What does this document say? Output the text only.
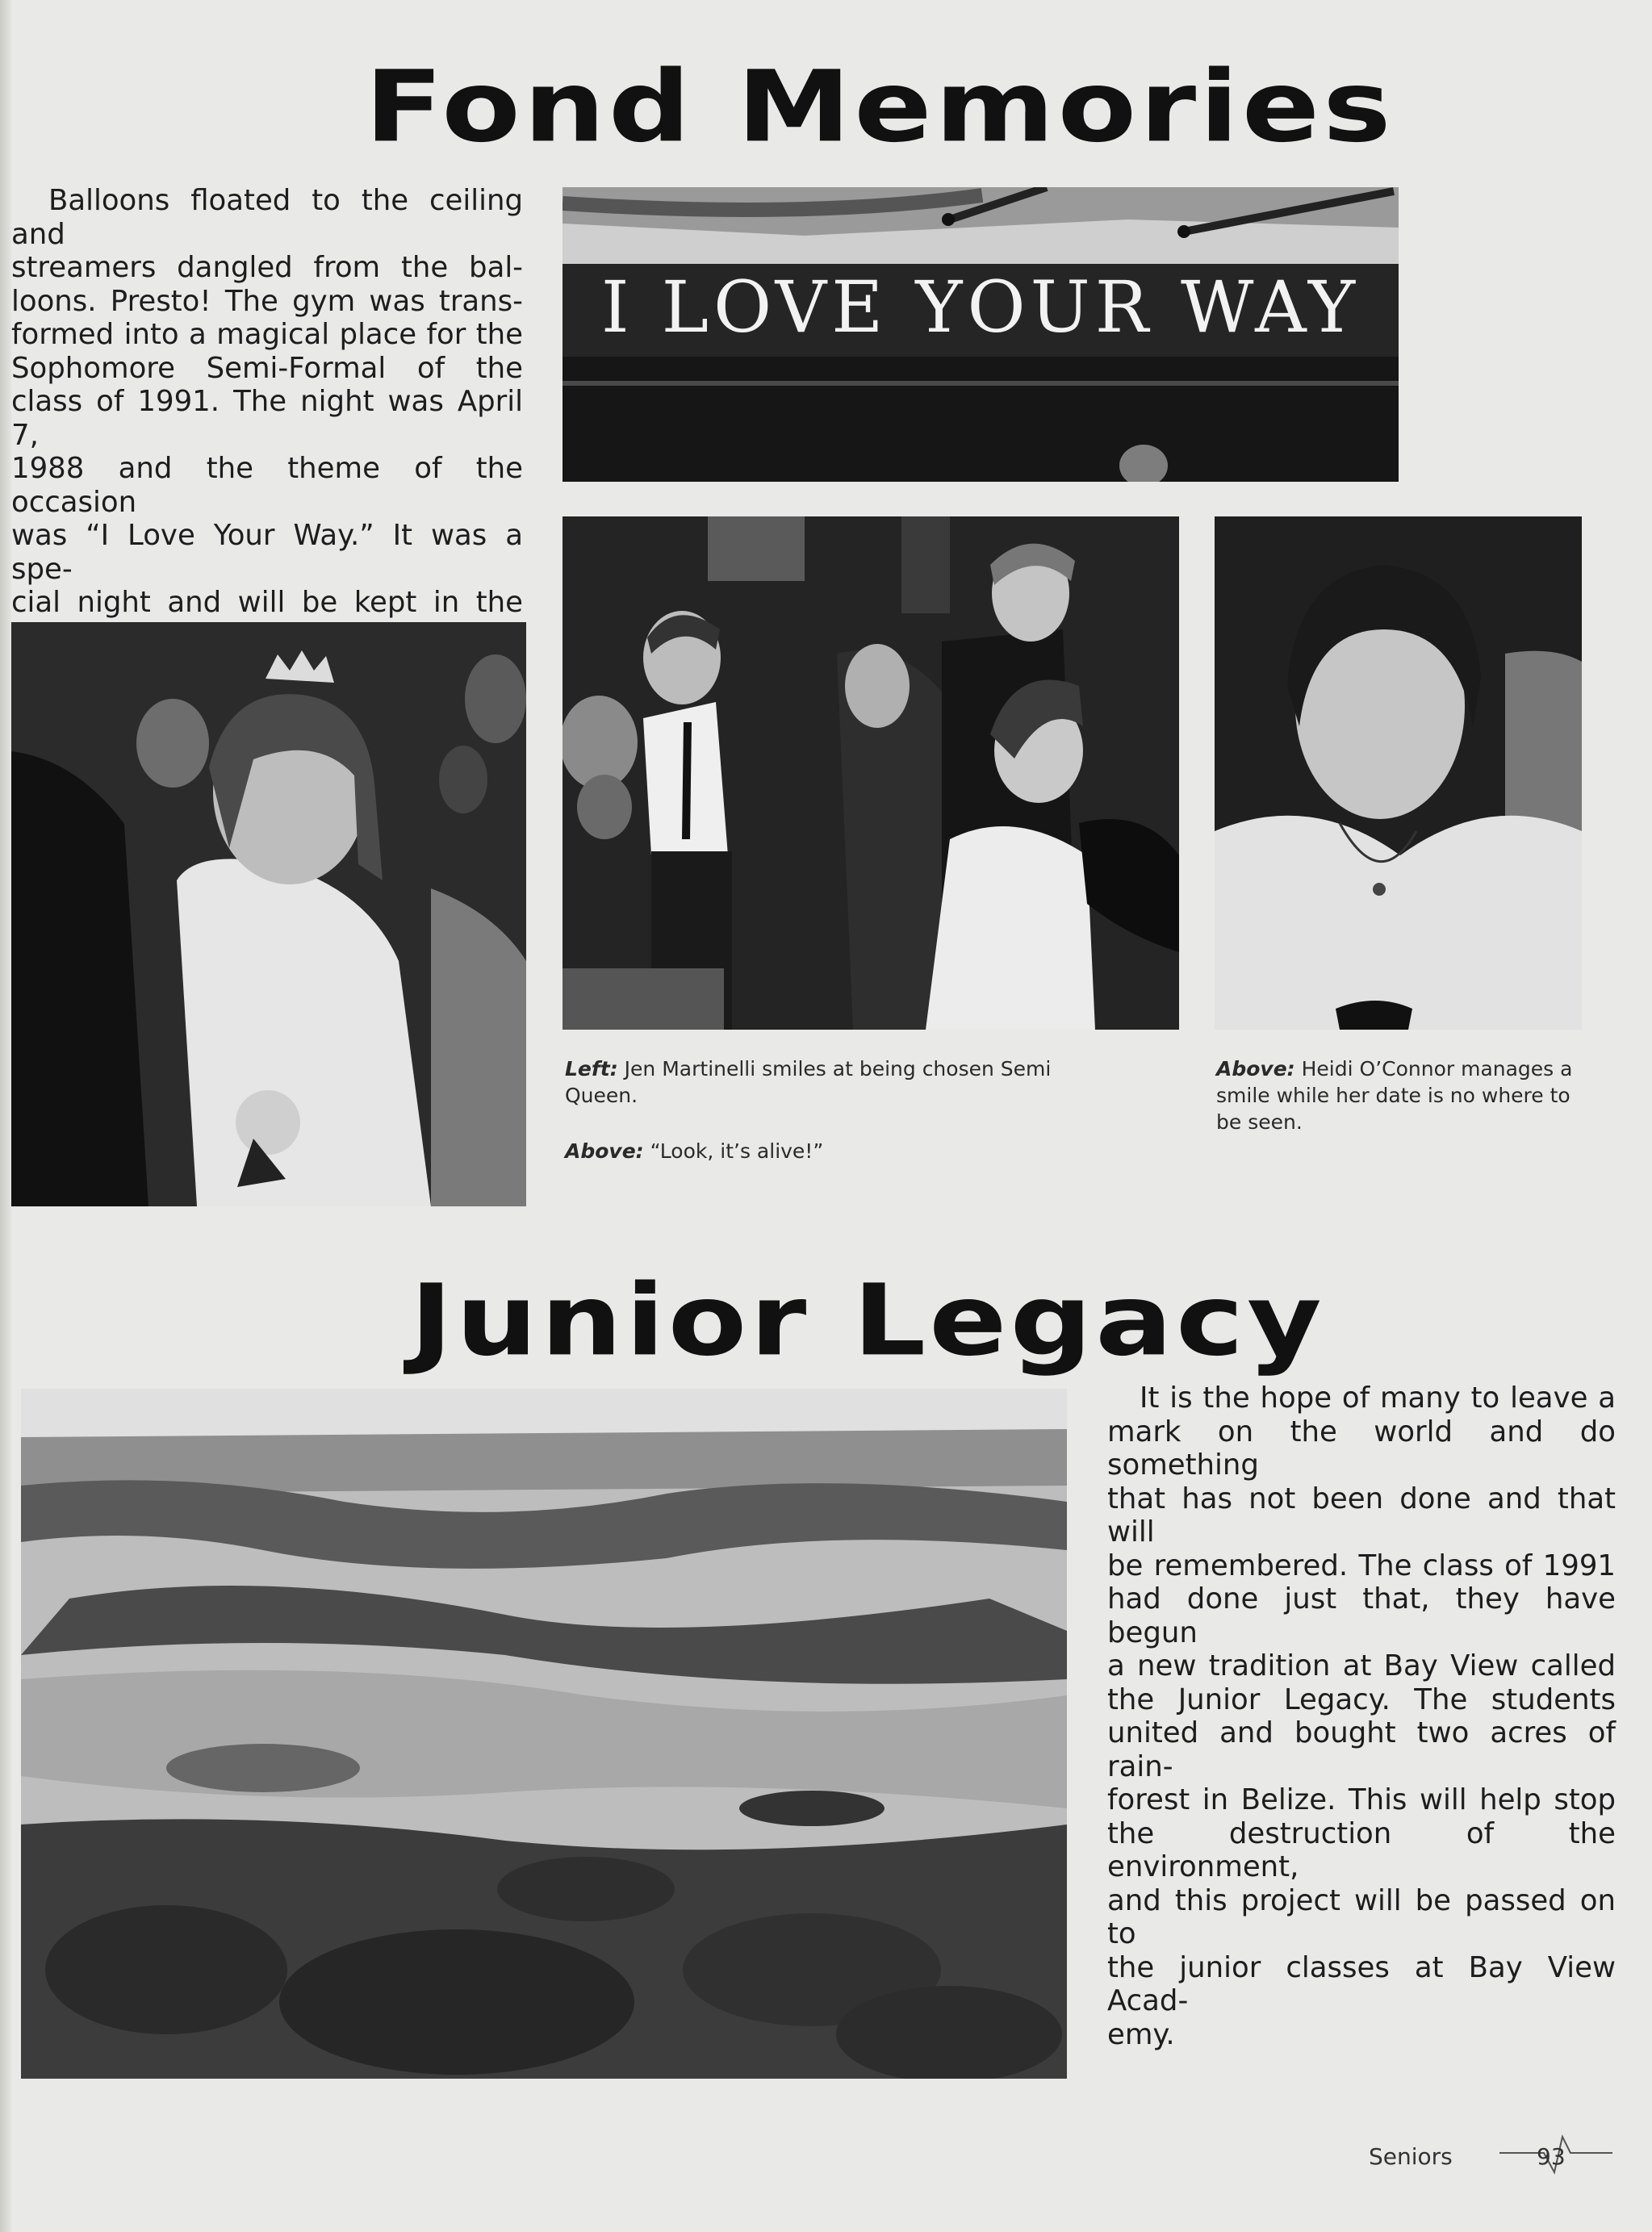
Fond Memories
Balloons floated to the ceiling and
streamers dangled from the bal-
loons. Presto! The gym was trans-
formed into a magical place for the
Sophomore Semi-Formal of the
class of 1991. The night was April 7,
1988 and the theme of the occasion
was “I Love Your Way.” It was a spe-
cial night and will be kept in the
I LOVE YOUR WAY
Left: Jen Martinelli smiles at being chosen Semi Queen.
Above: “Look, it’s alive!”
Above: Heidi O’Connor manages a smile while her date is no where to be seen.
Junior Legacy
It is the hope of many to leave a
mark on the world and do something
that has not been done and that will
be remembered. The class of 1991
had done just that, they have begun
a new tradition at Bay View called
the Junior Legacy. The students
united and bought two acres of rain-
forest in Belize. This will help stop
the destruction of the environment,
and this project will be passed on to
the junior classes at Bay View Acad-
emy.
Seniors	93
